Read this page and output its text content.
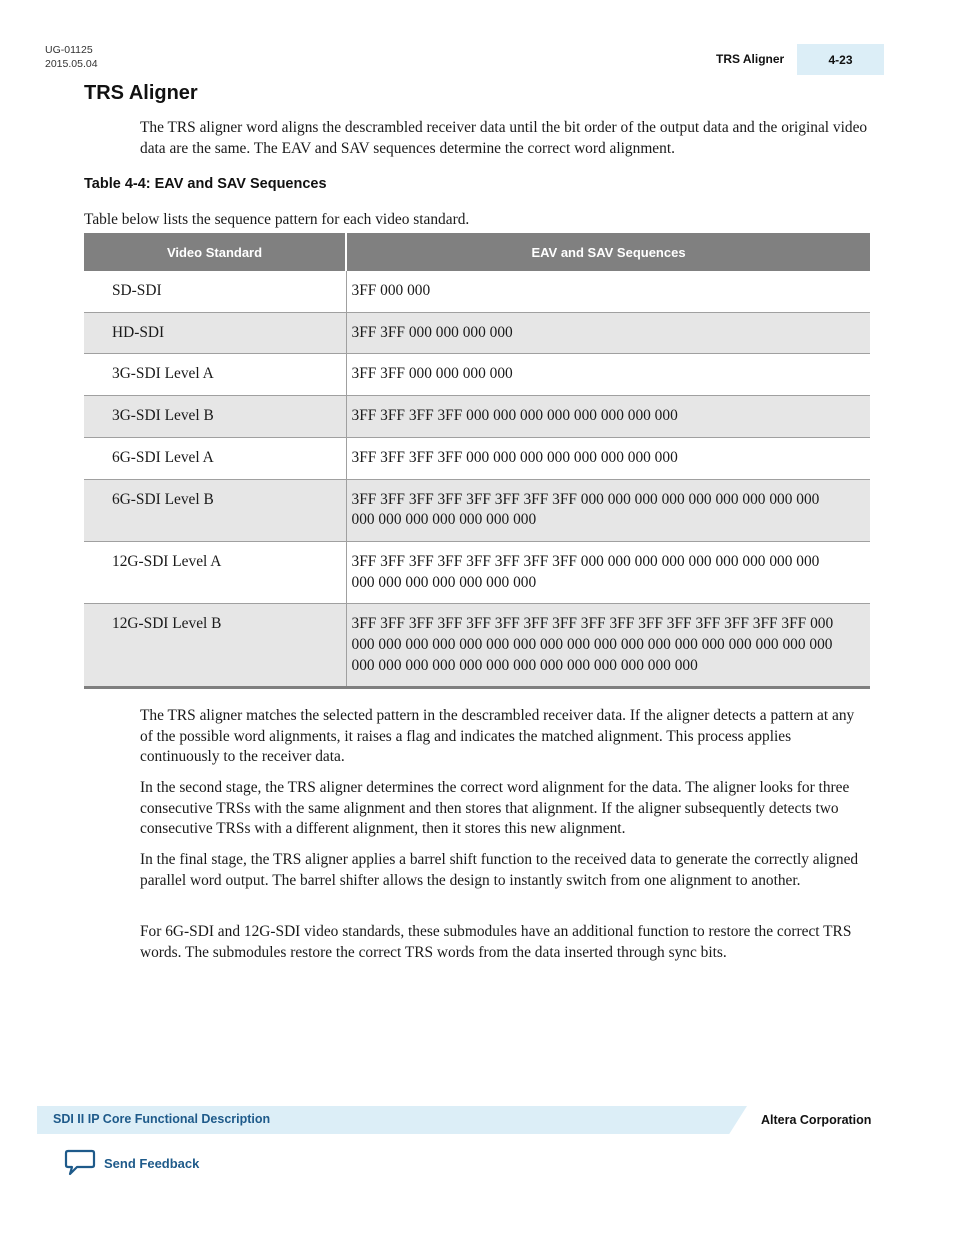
UG-01125
2015.05.04	TRS Aligner	4-23
TRS Aligner

The TRS aligner word aligns the descrambled receiver data until the bit order of the output data and the original video data are the same. The EAV and SAV sequences determine the correct word alignment.

Table 4-4: EAV and SAV Sequences
Table below lists the sequence pattern for each video standard.
Video Standard	EAV and SAV Sequences
SD-SDI	3FF 000 000
HD-SDI	3FF 3FF 000 000 000 000
3G-SDI Level A	3FF 3FF 000 000 000 000
3G-SDI Level B	3FF 3FF 3FF 3FF 000 000 000 000 000 000 000 000
6G-SDI Level A	3FF 3FF 3FF 3FF 000 000 000 000 000 000 000 000
6G-SDI Level B	3FF 3FF 3FF 3FF 3FF 3FF 3FF 3FF 000 000 000 000 000 000 000 000 000 000 000 000 000 000 000 000
12G-SDI Level A	3FF 3FF 3FF 3FF 3FF 3FF 3FF 3FF 000 000 000 000 000 000 000 000 000 000 000 000 000 000 000 000
12G-SDI Level B	3FF 3FF 3FF 3FF 3FF 3FF 3FF 3FF 3FF 3FF 3FF 3FF 3FF 3FF 3FF 3FF 000 000 000 000 000 000 000 000 000 000 000 000 000 000 000 000 000 000 000 000 000 000 000 000 000 000 000 000 000 000 000 000

The TRS aligner matches the selected pattern in the descrambled receiver data. If the aligner detects a pattern at any of the possible word alignments, it raises a flag and indicates the matched alignment. This process applies continuously to the receiver data.

In the second stage, the TRS aligner determines the correct word alignment for the data. The aligner looks for three consecutive TRSs with the same alignment and then stores that alignment. If the aligner subsequently detects two consecutive TRSs with a different alignment, then it stores this new alignment.

In the final stage, the TRS aligner applies a barrel shift function to the received data to generate the correctly aligned parallel word output. The barrel shifter allows the design to instantly switch from one alignment to another.

For 6G-SDI and 12G-SDI video standards, these submodules have an additional function to restore the correct TRS words. The submodules restore the correct TRS words from the data inserted through sync bits.

SDI II IP Core Functional Description	Altera Corporation
Send Feedback
